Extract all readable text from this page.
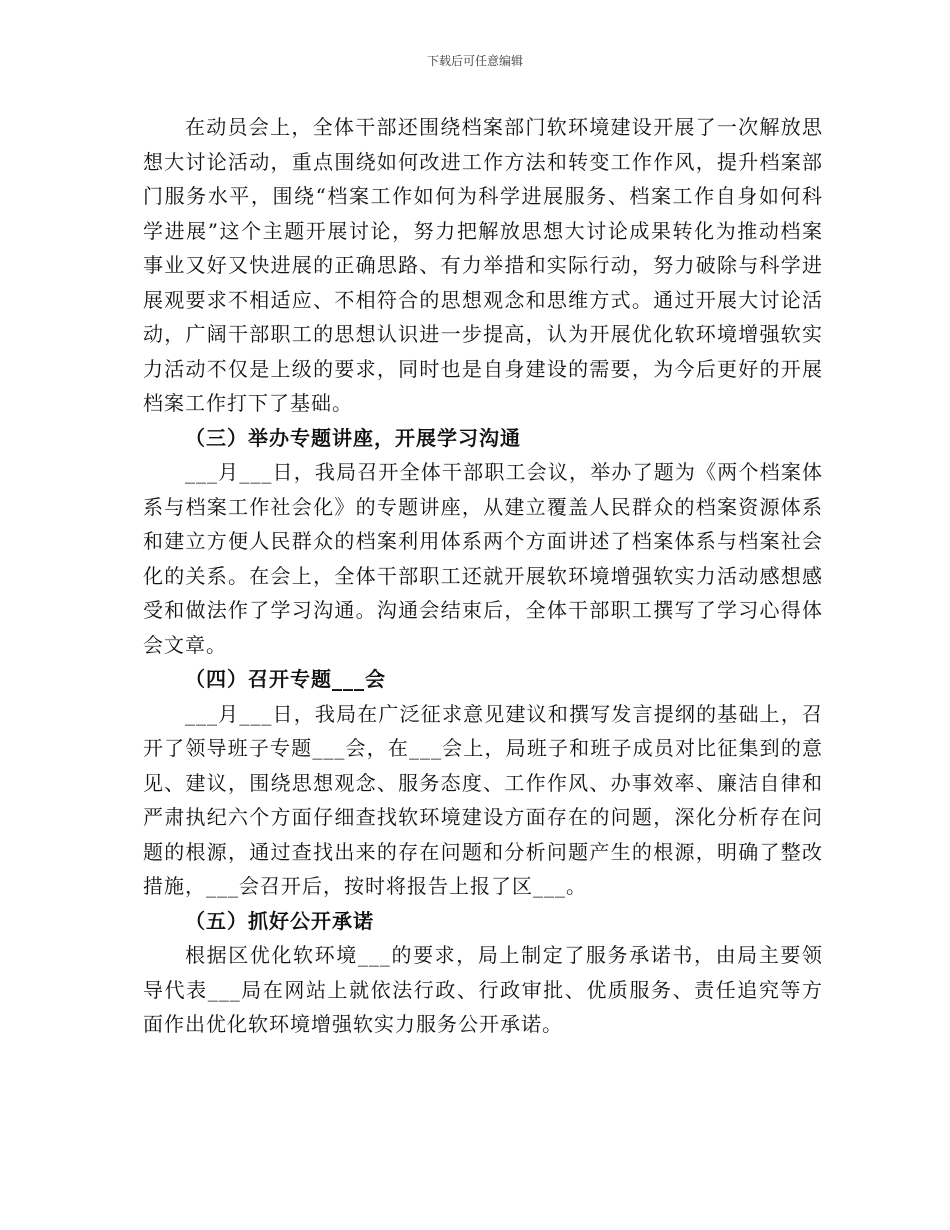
下载后可任意编辑

在动员会上，全体干部还围绕档案部门软环境建设开展了一次解放思想大讨论活动，重点围绕如何改进工作方法和转变工作作风，提升档案部门服务水平，围绕“档案工作如何为科学进展服务、档案工作自身如何科学进展”这个主题开展讨论，努力把解放思想大讨论成果转化为推动档案事业又好又快进展的正确思路、有力举措和实际行动，努力破除与科学进展观要求不相适应、不相符合的思想观念和思维方式。通过开展大讨论活动，广阔干部职工的思想认识进一步提高，认为开展优化软环境增强软实力活动不仅是上级的要求，同时也是自身建设的需要，为今后更好的开展档案工作打下了基础。

（三）举办专题讲座，开展学习沟通

___月___日，我局召开全体干部职工会议，举办了题为《两个档案体系与档案工作社会化》的专题讲座，从建立覆盖人民群众的档案资源体系和建立方便人民群众的档案利用体系两个方面讲述了档案体系与档案社会化的关系。在会上，全体干部职工还就开展软环境增强软实力活动感想感受和做法作了学习沟通。沟通会结束后，全体干部职工撰写了学习心得体会文章。

（四）召开专题___会

___月___日，我局在广泛征求意见建议和撰写发言提纲的基础上，召开了领导班子专题___会，在___会上，局班子和班子成员对比征集到的意见、建议，围绕思想观念、服务态度、工作作风、办事效率、廉洁自律和严肃执纪六个方面仔细查找软环境建设方面存在的问题，深化分析存在问题的根源，通过查找出来的存在问题和分析问题产生的根源，明确了整改措施，___会召开后，按时将报告上报了区___。

（五）抓好公开承诺

根据区优化软环境___的要求，局上制定了服务承诺书，由局主要领导代表___局在网站上就依法行政、行政审批、优质服务、责任追究等方面作出优化软环境增强软实力服务公开承诺。
